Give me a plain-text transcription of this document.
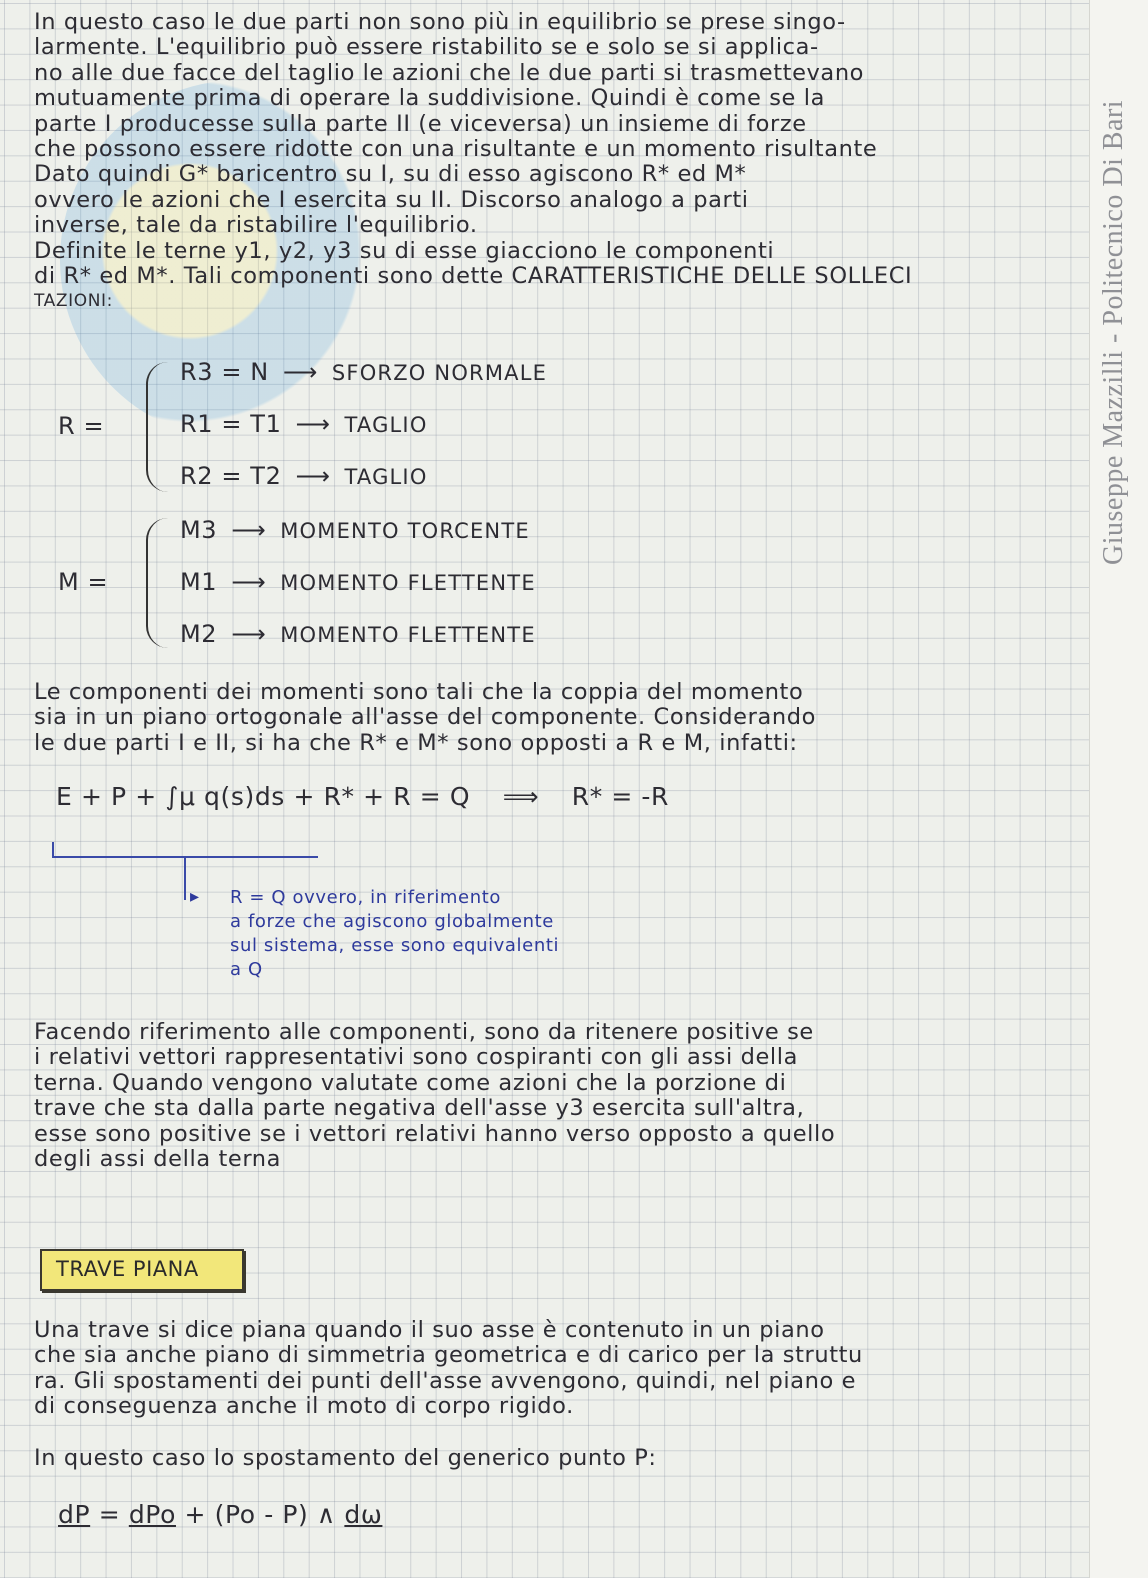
In questo caso le due parti non sono più in equilibrio se prese singo-
larmente. L'equilibrio può essere ristabilito se e solo se si applica-
no alle due facce del taglio le azioni che le due parti si trasmettevano
mutuamente prima di operare la suddivisione. Quindi è come se la
parte I producesse sulla parte II (e viceversa) un insieme di forze
che possono essere ridotte con una risultante e un momento risultante
Dato quindi G* baricentro su I, su di esso agiscono R* ed M*
ovvero le azioni che I esercita su II. Discorso analogo a parti
inverse, tale da ristabilire l'equilibrio.
Definite le terne y1, y2, y3 su di esse giacciono le componenti
di R* ed M*. Tali componenti sono dette CARATTERISTICHE DELLE SOLLECI
TAZIONI:
R =
R3 = N ⟶ SFORZO NORMALE
R1 = T1 ⟶ TAGLIO
R2 = T2 ⟶ TAGLIO
M =
M3 ⟶ MOMENTO TORCENTE
M1 ⟶ MOMENTO FLETTENTE
M2 ⟶ MOMENTO FLETTENTE
Le componenti dei momenti sono tali che la coppia del momento
sia in un piano ortogonale all'asse del componente. Considerando
le due parti I e II, si ha che R* e M* sono opposti a R e M, infatti:
E + P + ∫μ q(s)ds + R* + R = Q ⟹ R* = -R
▸ R = Q ovvero, in riferimento
a forze che agiscono globalmente
sul sistema, esse sono equivalenti
a Q
Facendo riferimento alle componenti, sono da ritenere positive se
i relativi vettori rappresentativi sono cospiranti con gli assi della
terna. Quando vengono valutate come azioni che la porzione di
trave che sta dalla parte negativa dell'asse y3 esercita sull'altra,
esse sono positive se i vettori relativi hanno verso opposto a quello
degli assi della terna
TRAVE PIANA
Una trave si dice piana quando il suo asse è contenuto in un piano
che sia anche piano di simmetria geometrica e di carico per la struttu
ra. Gli spostamenti dei punti dell'asse avvengono, quindi, nel piano e
di conseguenza anche il moto di corpo rigido.
In questo caso lo spostamento del generico punto P:
dP = dPo + (Po - P) ∧ dω
Giuseppe Mazzilli - Politecnico Di Bari
